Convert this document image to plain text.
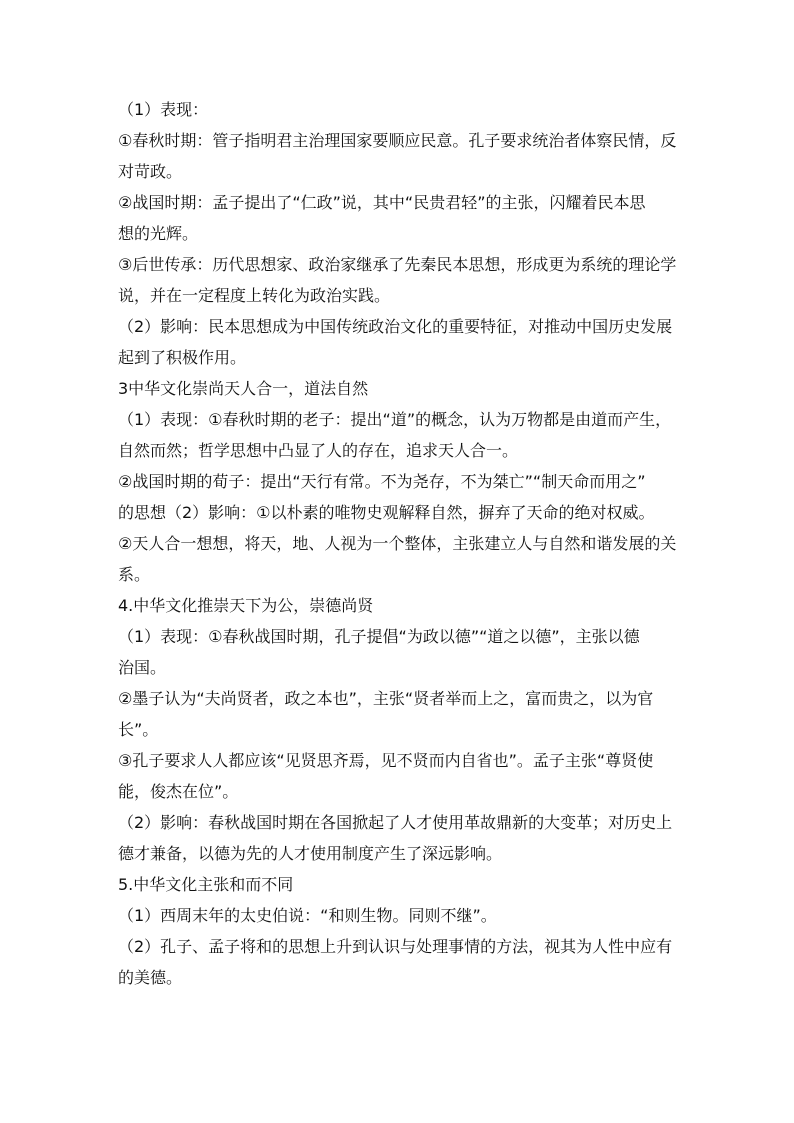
（1）表现：
①春秋时期：管子指明君主治理国家要顺应民意。孔子要求统治者体察民情，反
对苛政。
②战国时期：孟子提出了“仁政”说，其中“民贵君轻”的主张，闪耀着民本思
想的光辉。
③后世传承：历代思想家、政治家继承了先秦民本思想，形成更为系统的理论学
说，并在一定程度上转化为政治实践。
（2）影响：民本思想成为中国传统政治文化的重要特征，对推动中国历史发展
起到了积极作用。
3中华文化崇尚天人合一，道法自然
（1）表现：①春秋时期的老子：提出“道”的概念，认为万物都是由道而产生，
自然而然；哲学思想中凸显了人的存在，追求天人合一。
②战国时期的荀子：提出“天行有常。不为尧存，不为桀亡”“制天命而用之”
的思想（2）影响：①以朴素的唯物史观解释自然，摒弃了天命的绝对权威。
②天人合一想想，将天，地、人视为一个整体，主张建立人与自然和谐发展的关
系。
4.中华文化推崇天下为公，崇德尚贤
（1）表现：①春秋战国时期，孔子提倡“为政以德”“道之以德”，主张以德
治国。
②墨子认为“夫尚贤者，政之本也”，主张“贤者举而上之，富而贵之，以为官
长”。
③孔子要求人人都应该“见贤思齐焉，见不贤而内自省也”。孟子主张“尊贤使
能，俊杰在位”。
（2）影响：春秋战国时期在各国掀起了人才使用革故鼎新的大变革；对历史上
德才兼备，以德为先的人才使用制度产生了深远影响。
5.中华文化主张和而不同
（1）西周末年的太史伯说：“和则生物。同则不继”。
（2）孔子、孟子将和的思想上升到认识与处理事情的方法，视其为人性中应有
的美德。
